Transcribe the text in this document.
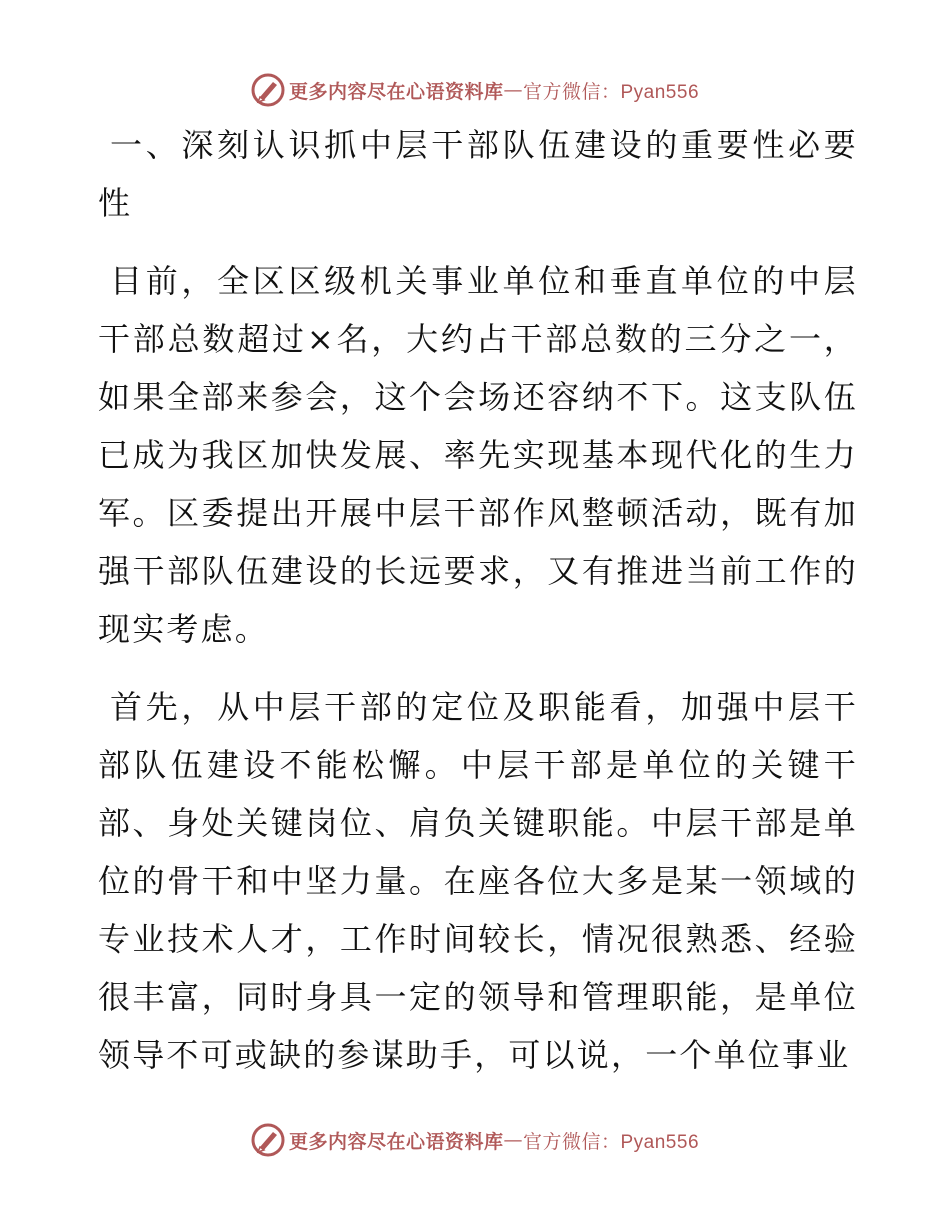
更多内容尽在心语资料库 — 官方微信：Pyan556

一、深刻认识抓中层干部队伍建设的重要性必要性

目前，全区区级机关事业单位和垂直单位的中层干部总数超过×名，大约占干部总数的三分之一，如果全部来参会，这个会场还容纳不下。这支队伍已成为我区加快发展、率先实现基本现代化的生力军。区委提出开展中层干部作风整顿活动，既有加强干部队伍建设的长远要求，又有推进当前工作的现实考虑。

首先，从中层干部的定位及职能看，加强中层干部队伍建设不能松懈。中层干部是单位的关键干部、身处关键岗位、肩负关键职能。中层干部是单位的骨干和中坚力量。在座各位大多是某一领域的专业技术人才，工作时间较长，情况很熟悉、经验很丰富，同时身具一定的领导和管理职能，是单位领导不可或缺的参谋助手，可以说，一个单位事业

更多内容尽在心语资料库 — 官方微信：Pyan556
